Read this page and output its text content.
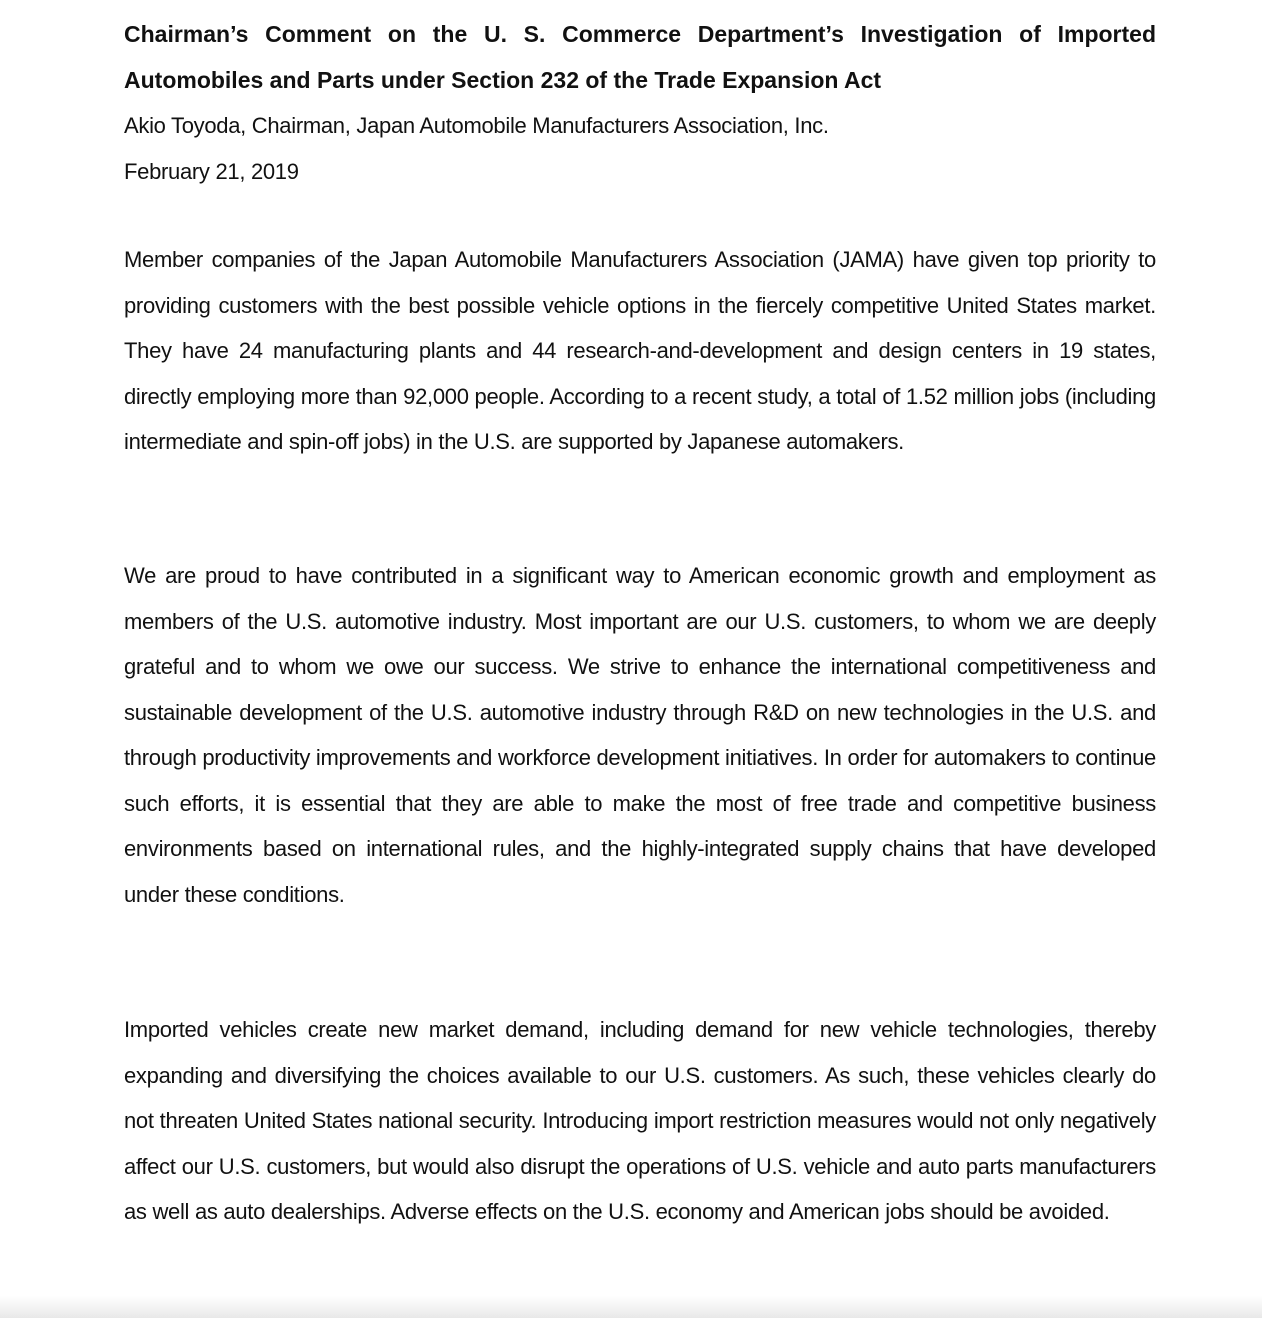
Chairman’s Comment on the U. S. Commerce Department’s Investigation of Imported Automobiles and Parts under Section 232 of the Trade Expansion Act

Akio Toyoda, Chairman, Japan Automobile Manufacturers Association, Inc.

February 21, 2019

Member companies of the Japan Automobile Manufacturers Association (JAMA) have given top priority to providing customers with the best possible vehicle options in the fiercely competitive United States market. They have 24 manufacturing plants and 44 research-and-development and design centers in 19 states, directly employing more than 92,000 people. According to a recent study, a total of 1.52 million jobs (including intermediate and spin-off jobs) in the U.S. are supported by Japanese automakers.

We are proud to have contributed in a significant way to American economic growth and employment as members of the U.S. automotive industry. Most important are our U.S. customers, to whom we are deeply grateful and to whom we owe our success. We strive to enhance the international competitiveness and sustainable development of the U.S. automotive industry through R&D on new technologies in the U.S. and through productivity improvements and workforce development initiatives. In order for automakers to continue such efforts, it is essential that they are able to make the most of free trade and competitive business environments based on international rules, and the highly-integrated supply chains that have developed under these conditions.

Imported vehicles create new market demand, including demand for new vehicle technologies, thereby expanding and diversifying the choices available to our U.S. customers. As such, these vehicles clearly do not threaten United States national security. Introducing import restriction measures would not only negatively affect our U.S. customers, but would also disrupt the operations of U.S. vehicle and auto parts manufacturers as well as auto dealerships. Adverse effects on the U.S. economy and American jobs should be avoided.
